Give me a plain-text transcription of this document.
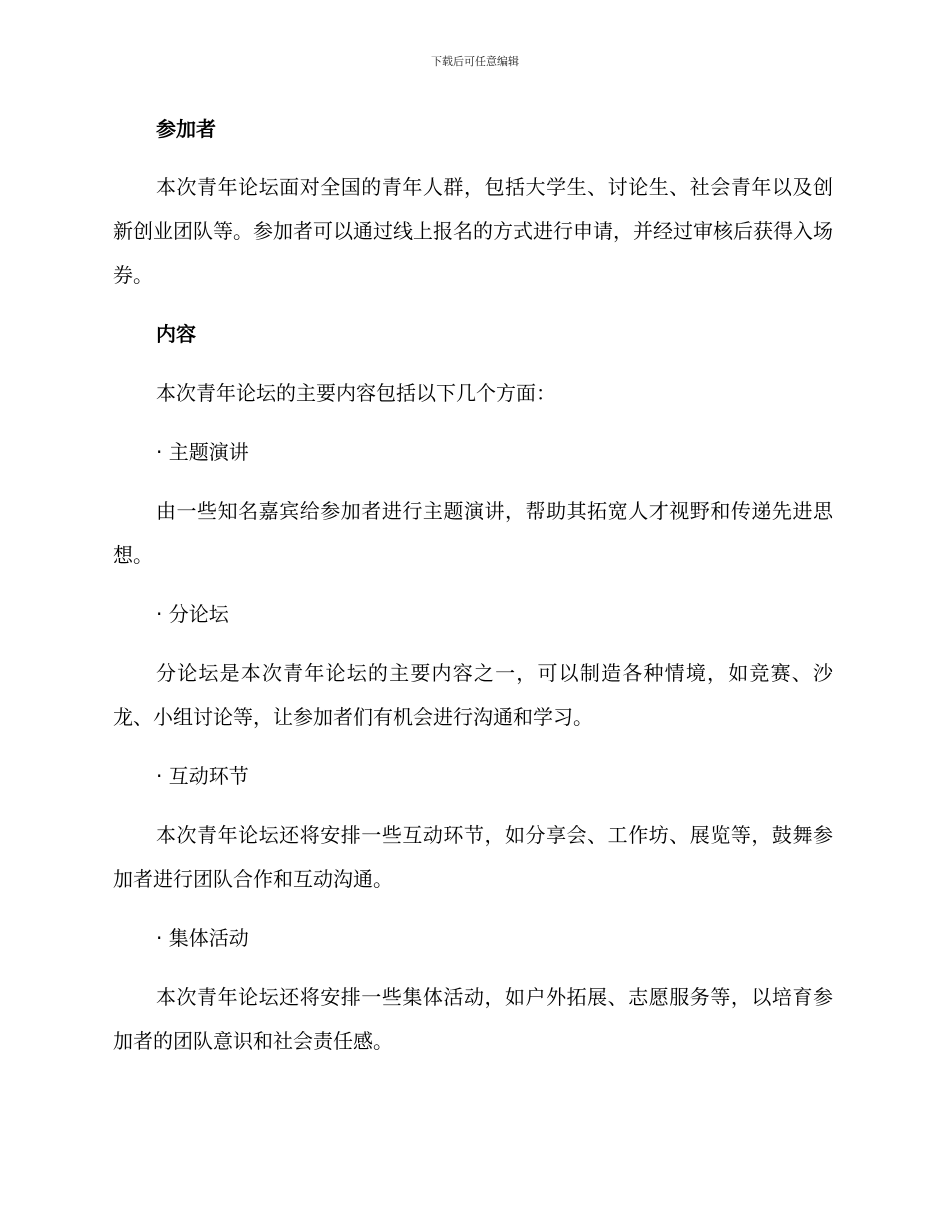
下载后可任意编辑
参加者

本次青年论坛面对全国的青年人群，包括大学生、讨论生、社会青年以及创新创业团队等。参加者可以通过线上报名的方式进行申请，并经过审核后获得入场券。

内容

本次青年论坛的主要内容包括以下几个方面：

· 主题演讲

由一些知名嘉宾给参加者进行主题演讲，帮助其拓宽人才视野和传递先进思想。

· 分论坛

分论坛是本次青年论坛的主要内容之一，可以制造各种情境，如竞赛、沙龙、小组讨论等，让参加者们有机会进行沟通和学习。

· 互动环节

本次青年论坛还将安排一些互动环节，如分享会、工作坊、展览等，鼓舞参加者进行团队合作和互动沟通。

· 集体活动

本次青年论坛还将安排一些集体活动，如户外拓展、志愿服务等，以培育参加者的团队意识和社会责任感。
